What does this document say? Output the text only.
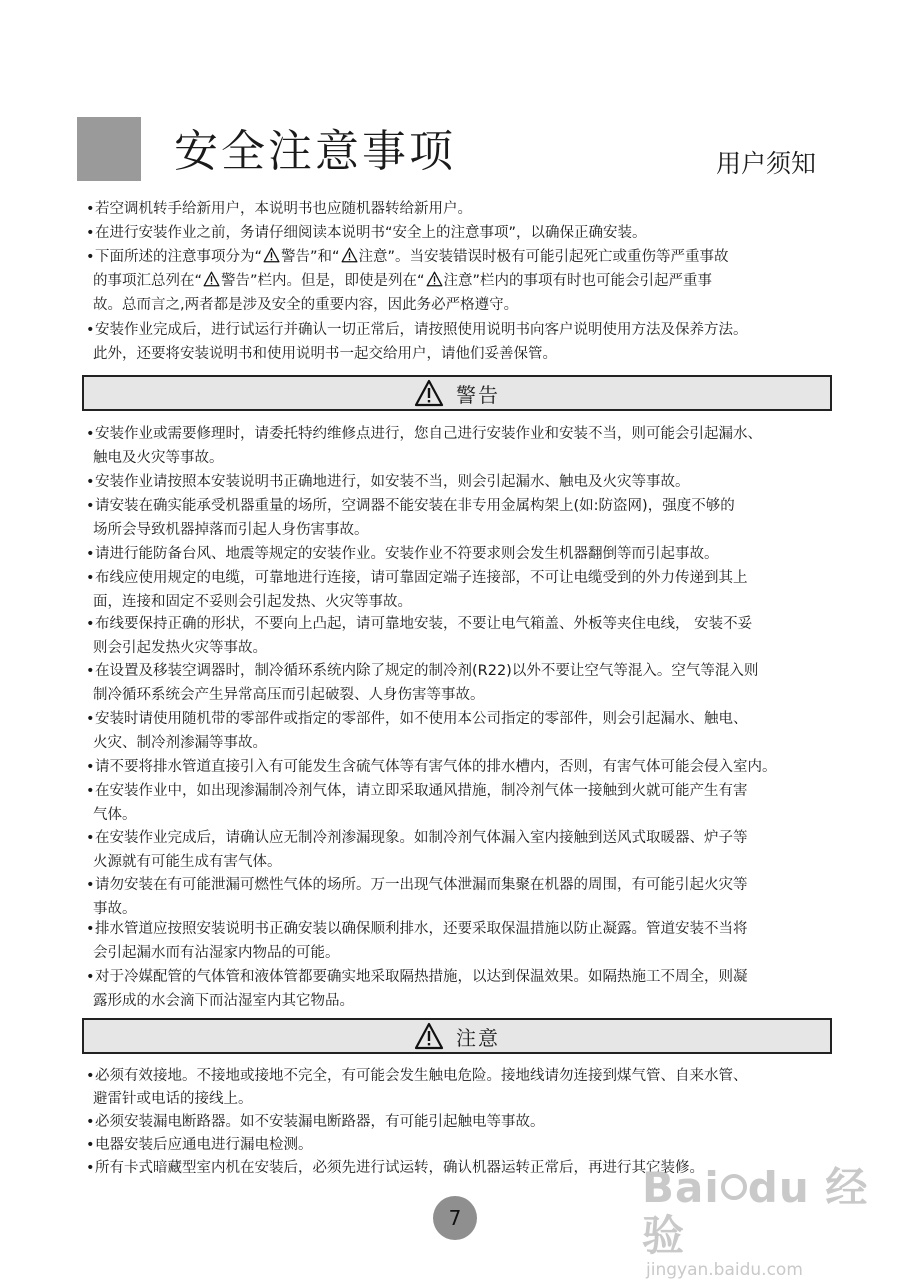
安全注意事项	用户须知
•若空调机转手给新用户，本说明书也应随机器转给新用户。
•在进行安装作业之前，务请仔细阅读本说明书“安全上的注意事项”，以确保正确安装。
•下面所述的注意事项分为“ 警告”和“ 注意”。当安装错误时极有可能引起死亡或重伤等严重事故
的事项汇总列在“ 警告”栏内。但是，即使是列在“ 注意”栏内的事项有时也可能会引起严重事
故。总而言之,两者都是涉及安全的重要内容，因此务必严格遵守。
•安装作业完成后，进行试运行并确认一切正常后，请按照使用说明书向客户说明使用方法及保养方法。
此外，还要将安装说明书和使用说明书一起交给用户，请他们妥善保管。
警告
•安装作业或需要修理时，请委托特约维修点进行，您自己进行安装作业和安装不当，则可能会引起漏水、
触电及火灾等事故。
•安装作业请按照本安装说明书正确地进行，如安装不当，则会引起漏水、触电及火灾等事故。
•请安装在确实能承受机器重量的场所，空调器不能安装在非专用金属构架上(如:防盗网)，强度不够的
场所会导致机器掉落而引起人身伤害事故。
•请进行能防备台风、地震等规定的安装作业。安装作业不符要求则会发生机器翻倒等而引起事故。
•布线应使用规定的电缆，可靠地进行连接，请可靠固定端子连接部，不可让电缆受到的外力传递到其上
面，连接和固定不妥则会引起发热、火灾等事故。
•布线要保持正确的形状，不要向上凸起，请可靠地安装，不要让电气箱盖、外板等夹住电线， 安装不妥
则会引起发热火灾等事故。
•在设置及移装空调器时，制冷循环系统内除了规定的制冷剂(R22)以外不要让空气等混入。空气等混入则
制冷循环系统会产生异常高压而引起破裂、人身伤害等事故。
•安装时请使用随机带的零部件或指定的零部件，如不使用本公司指定的零部件，则会引起漏水、触电、
火灾、制冷剂渗漏等事故。
•请不要将排水管道直接引入有可能发生含硫气体等有害气体的排水槽内，否则，有害气体可能会侵入室内。
•在安装作业中，如出现渗漏制冷剂气体，请立即采取通风措施，制冷剂气体一接触到火就可能产生有害
气体。
•在安装作业完成后，请确认应无制冷剂渗漏现象。如制冷剂气体漏入室内接触到送风式取暖器、炉子等
火源就有可能生成有害气体。
•请勿安装在有可能泄漏可燃性气体的场所。万一出现气体泄漏而集聚在机器的周围，有可能引起火灾等
事故。
•排水管道应按照安装说明书正确安装以确保顺利排水，还要采取保温措施以防止凝露。管道安装不当将
会引起漏水而有沾湿家内物品的可能。
•对于冷媒配管的气体管和液体管都要确实地采取隔热措施，以达到保温效果。如隔热施工不周全，则凝
露形成的水会滴下而沾湿室内其它物品。
注意
•必须有效接地。不接地或接地不完全，有可能会发生触电危险。接地线请勿连接到煤气管、自来水管、
避雷针或电话的接线上。
•必须安装漏电断路器。如不安装漏电断路器，有可能引起触电等事故。
•电器安装后应通电进行漏电检测。
•所有卡式暗藏型室内机在安装后，必须先进行试运转，确认机器运转正常后，再进行其它装修。
7
Bai du 经验
jingyan.baidu.com
